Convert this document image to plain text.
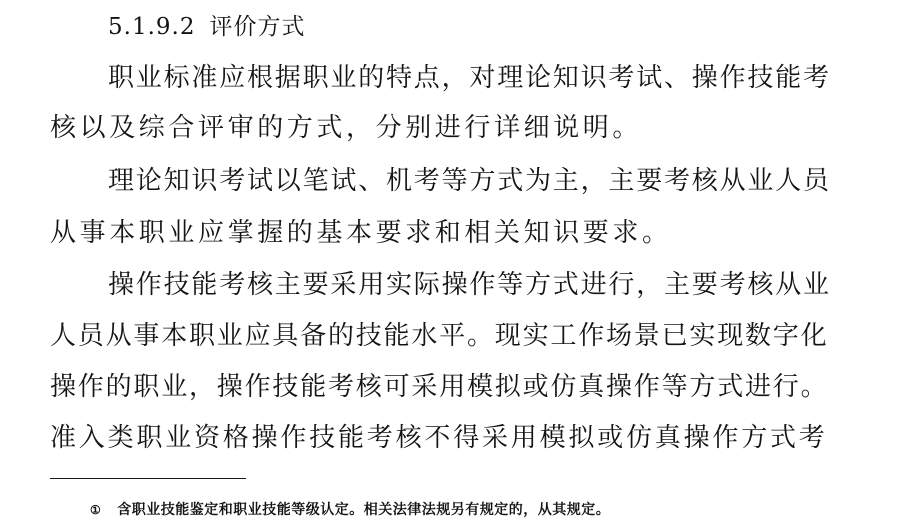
5.1.9.2 评价方式
职业标准应根据职业的特点，对理论知识考试、操作技能考
核以及综合评审的方式，分别进行详细说明。
理论知识考试以笔试、机考等方式为主，主要考核从业人员
从事本职业应掌握的基本要求和相关知识要求。
操作技能考核主要采用实际操作等方式进行，主要考核从业
人员从事本职业应具备的技能水平。现实工作场景已实现数字化
操作的职业，操作技能考核可采用模拟或仿真操作等方式进行。
准入类职业资格操作技能考核不得采用模拟或仿真操作方式考
① 含职业技能鉴定和职业技能等级认定。相关法律法规另有规定的，从其规定。
